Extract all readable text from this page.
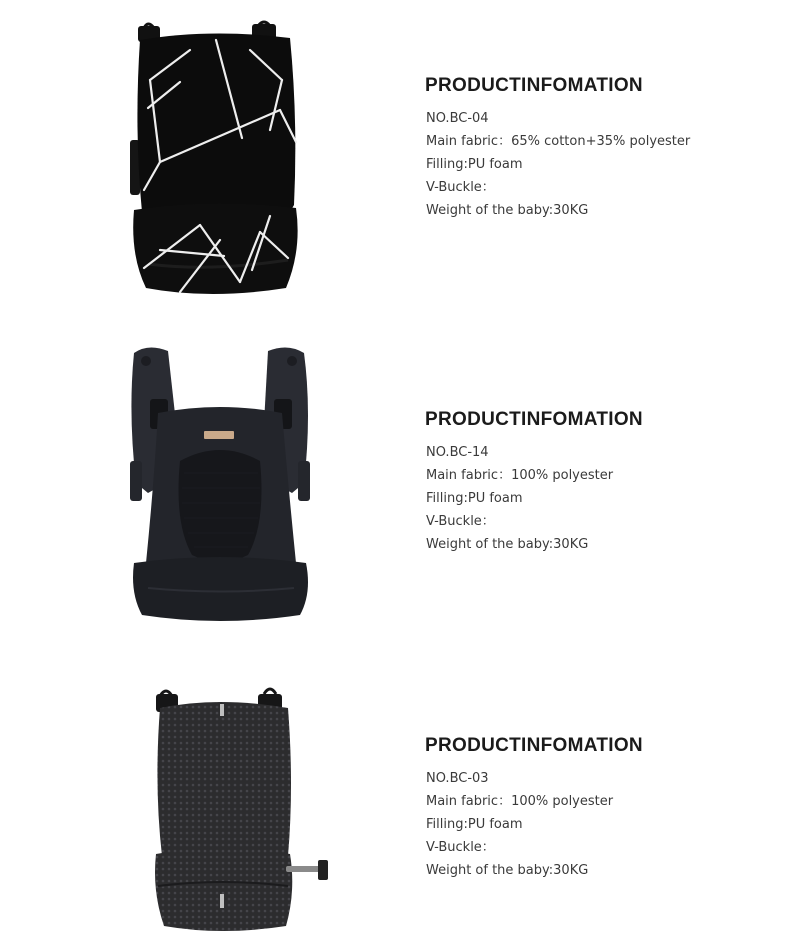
PRODUCTINFOMATION
NO.BC-04
Main fabric：65% cotton+35% polyester
Filling:PU foam
V-Buckle：
Weight of the baby:30KG
PRODUCTINFOMATION
NO.BC-14
Main fabric：100% polyester
Filling:PU foam
V-Buckle：
Weight of the baby:30KG
PRODUCTINFOMATION
NO.BC-03
Main fabric：100% polyester
Filling:PU foam
V-Buckle：
Weight of the baby:30KG
